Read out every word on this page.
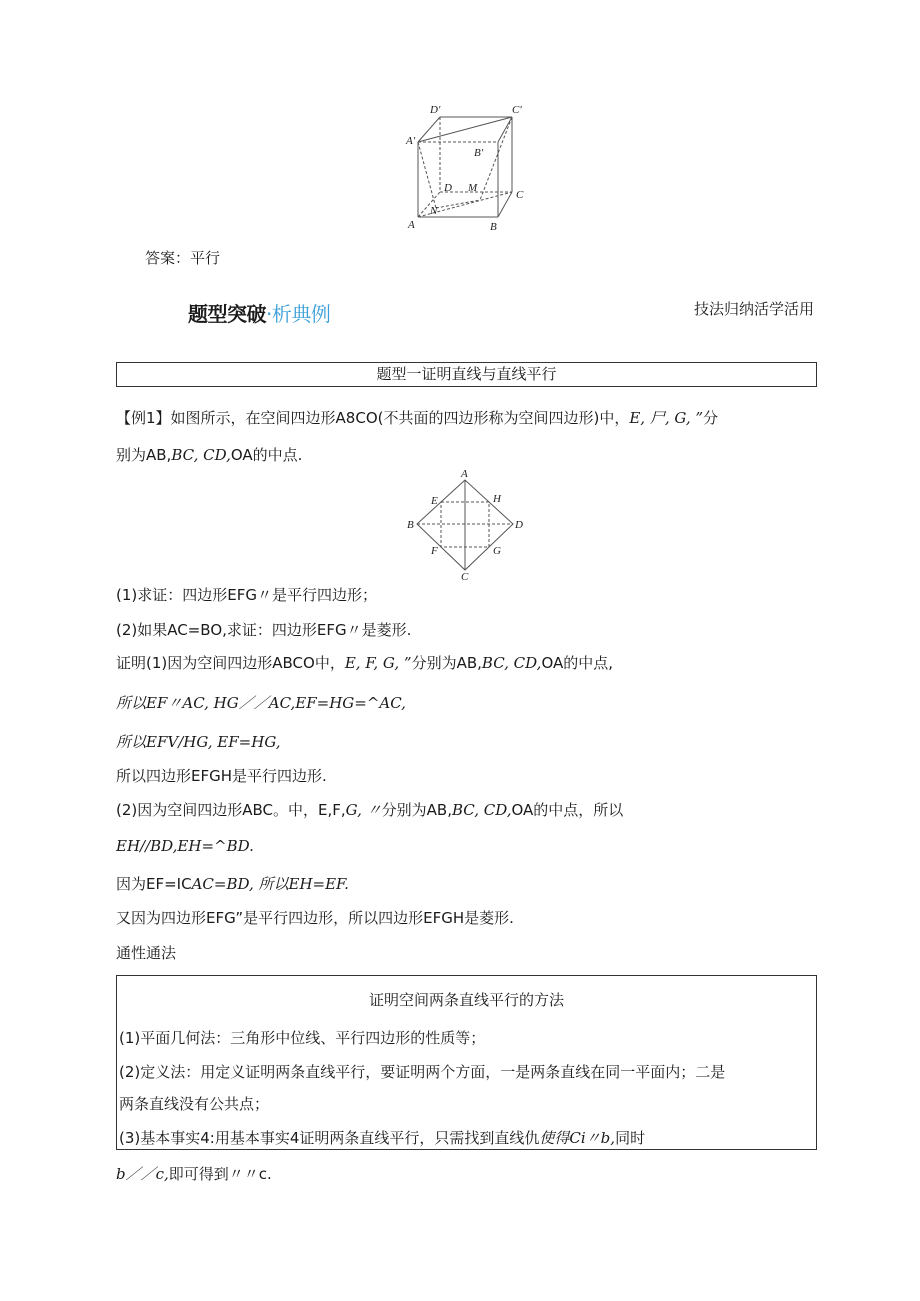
D′	C′
A′
B′
D M
C
N
A	B
答案：平行
题型突破·析典例	技法归纳活学活用
题型一证明直线与直线平行
【例1】如图所示，在空间四边形A8CO(不共面的四边形称为空间四边形)中，E, 尸, G, ”分
别为AB,BC, CD,OA的中点.
A
E	H
B	D
F	G
C
(1)求证：四边形EFG〃是平行四边形；
(2)如果AC=BO,求证：四边形EFG〃是菱形.
证明(1)因为空间四边形ABCO中，E, F, G, ”分别为AB,BC, CD,OA的中点,
所以EF〃AC, HG／／AC,EF=HG=^AC,
所以EFV/HG, EF=HG,
所以四边形EFGH是平行四边形.
(2)因为空间四边形ABC。中，E,F,G, 〃分别为AB,BC, CD,OA的中点，所以
EH//BD,EH=^BD.
因为EF=ICAC=BD, 所以EH=EF.
又因为四边形EFG”是平行四边形，所以四边形EFGH是菱形.
通性通法
证明空间两条直线平行的方法
(1)平面几何法：三角形中位线、平行四边形的性质等；
(2)定义法：用定义证明两条直线平行，要证明两个方面，一是两条直线在同一平面内；二是
两条直线没有公共点；
(3)基本事实4:用基本事实4证明两条直线平行，只需找到直线仇使得Ci〃b,同时
b／／c,即可得到〃〃c.
